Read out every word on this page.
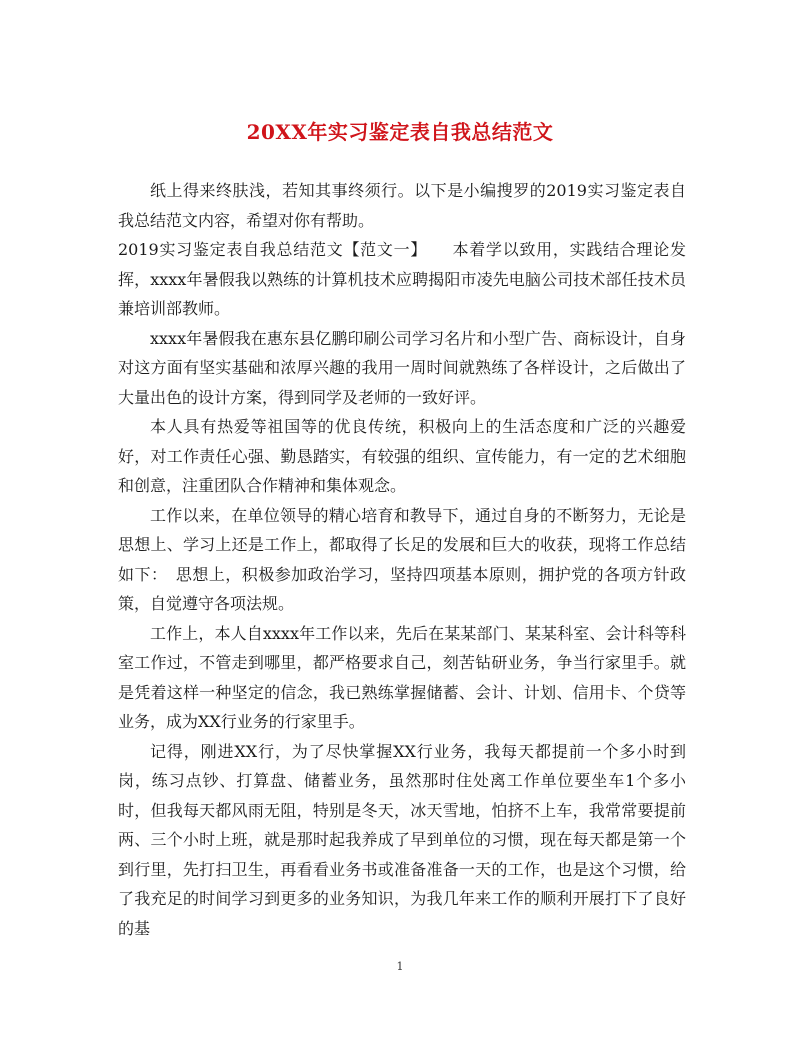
20XX年实习鉴定表自我总结范文

纸上得来终肤浅，若知其事终须行。以下是小编搜罗的2019实习鉴定表自我总结范文内容，希望对你有帮助。

2019实习鉴定表自我总结范文【范文一】　　本着学以致用，实践结合理论发挥，xxxx年暑假我以熟练的计算机技术应聘揭阳市凌先电脑公司技术部任技术员兼培训部教师。

xxxx年暑假我在惠东县亿鹏印刷公司学习名片和小型广告、商标设计，自身对这方面有坚实基础和浓厚兴趣的我用一周时间就熟练了各样设计，之后做出了大量出色的设计方案，得到同学及老师的一致好评。

本人具有热爱等祖国等的优良传统，积极向上的生活态度和广泛的兴趣爱好，对工作责任心强、勤恳踏实，有较强的组织、宣传能力，有一定的艺术细胞和创意，注重团队合作精神和集体观念。

工作以来，在单位领导的精心培育和教导下，通过自身的不断努力，无论是思想上、学习上还是工作上，都取得了长足的发展和巨大的收获，现将工作总结如下：　思想上，积极参加政治学习，坚持四项基本原则，拥护党的各项方针政策，自觉遵守各项法规。

工作上，本人自xxxx年工作以来，先后在某某部门、某某科室、会计科等科室工作过，不管走到哪里，都严格要求自己，刻苦钻研业务，争当行家里手。就是凭着这样一种坚定的信念，我已熟练掌握储蓄、会计、计划、信用卡、个贷等业务，成为XX行业务的行家里手。

记得，刚进XX行，为了尽快掌握XX行业务，我每天都提前一个多小时到岗，练习点钞、打算盘、储蓄业务，虽然那时住处离工作单位要坐车1个多小时，但我每天都风雨无阻，特别是冬天，冰天雪地，怕挤不上车，我常常要提前两、三个小时上班，就是那时起我养成了早到单位的习惯，现在每天都是第一个到行里，先打扫卫生，再看看业务书或准备准备一天的工作，也是这个习惯，给了我充足的时间学习到更多的业务知识，为我几年来工作的顺利开展打下了良好的基

1
